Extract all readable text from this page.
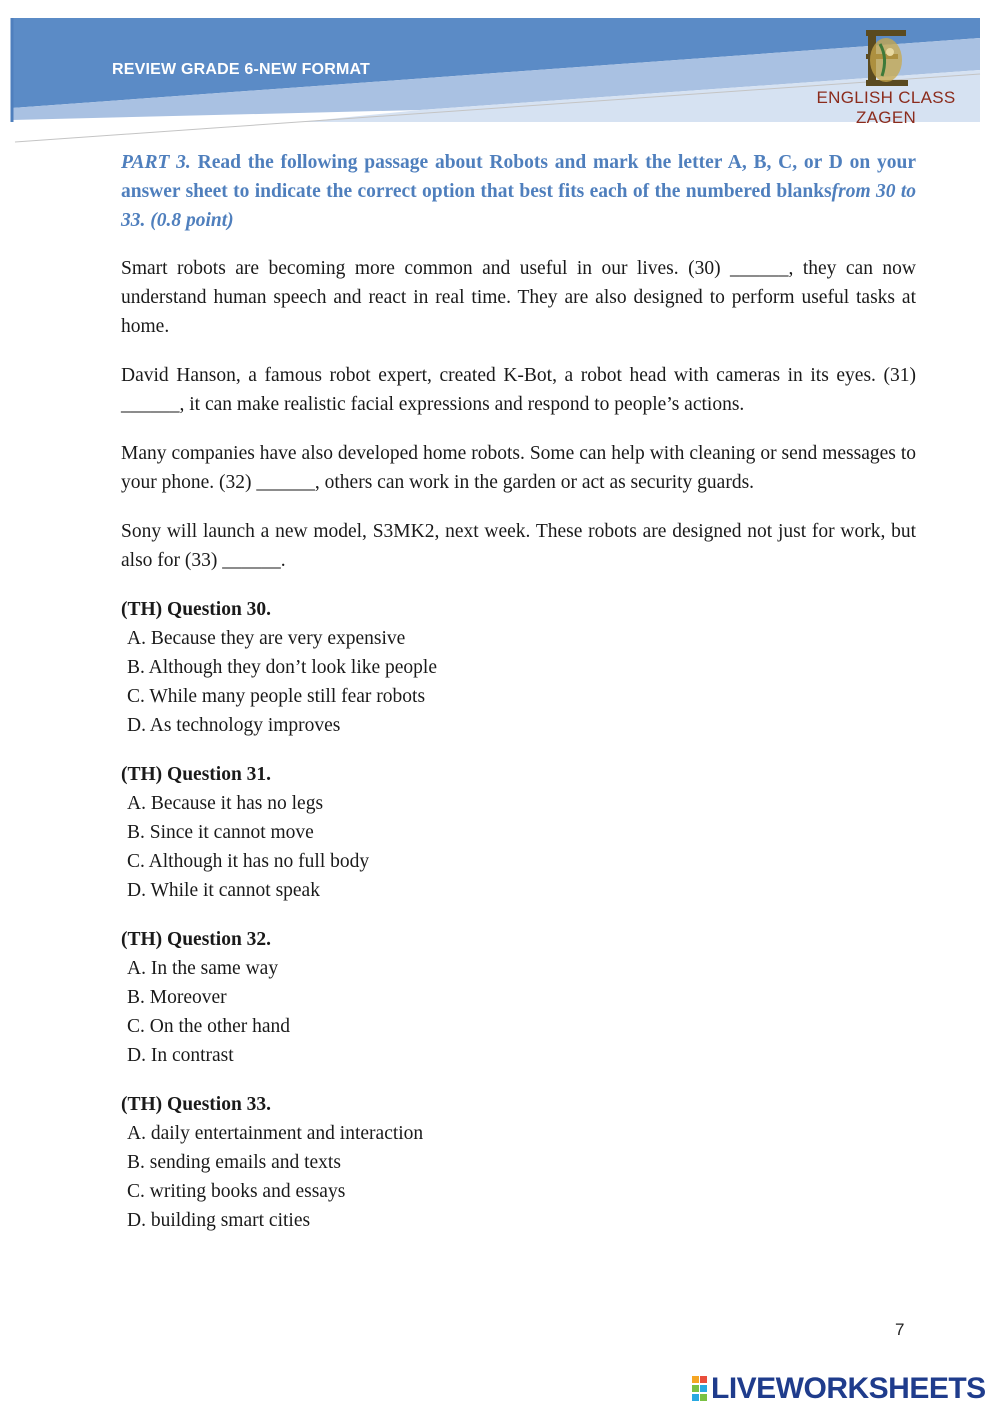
REVIEW GRADE 6-NEW FORMAT
ENGLISH CLASS ZAGEN

PART 3. Read the following passage about Robots and mark the letter A, B, C, or D on your answer sheet to indicate the correct option that best fits each of the numbered blanksfrom 30 to 33. (0.8 point)

Smart robots are becoming more common and useful in our lives. (30) ______, they can now understand human speech and react in real time. They are also designed to perform useful tasks at home.

David Hanson, a famous robot expert, created K-Bot, a robot head with cameras in its eyes. (31) ______, it can make realistic facial expressions and respond to people’s actions.

Many companies have also developed home robots. Some can help with cleaning or send messages to your phone. (32) ______, others can work in the garden or act as security guards.

Sony will launch a new model, S3MK2, next week. These robots are designed not just for work, but also for (33) ______.

(TH) Question 30.
A. Because they are very expensive
B. Although they don’t look like people
C. While many people still fear robots
D. As technology improves
(TH) Question 31.
A. Because it has no legs
B. Since it cannot move
C. Although it has no full body
D. While it cannot speak
(TH) Question 32.
A. In the same way
B. Moreover
C. On the other hand
D. In contrast
(TH) Question 33.
A. daily entertainment and interaction
B. sending emails and texts
C. writing books and essays
D. building smart cities
7
LIVEWORKSHEETS
